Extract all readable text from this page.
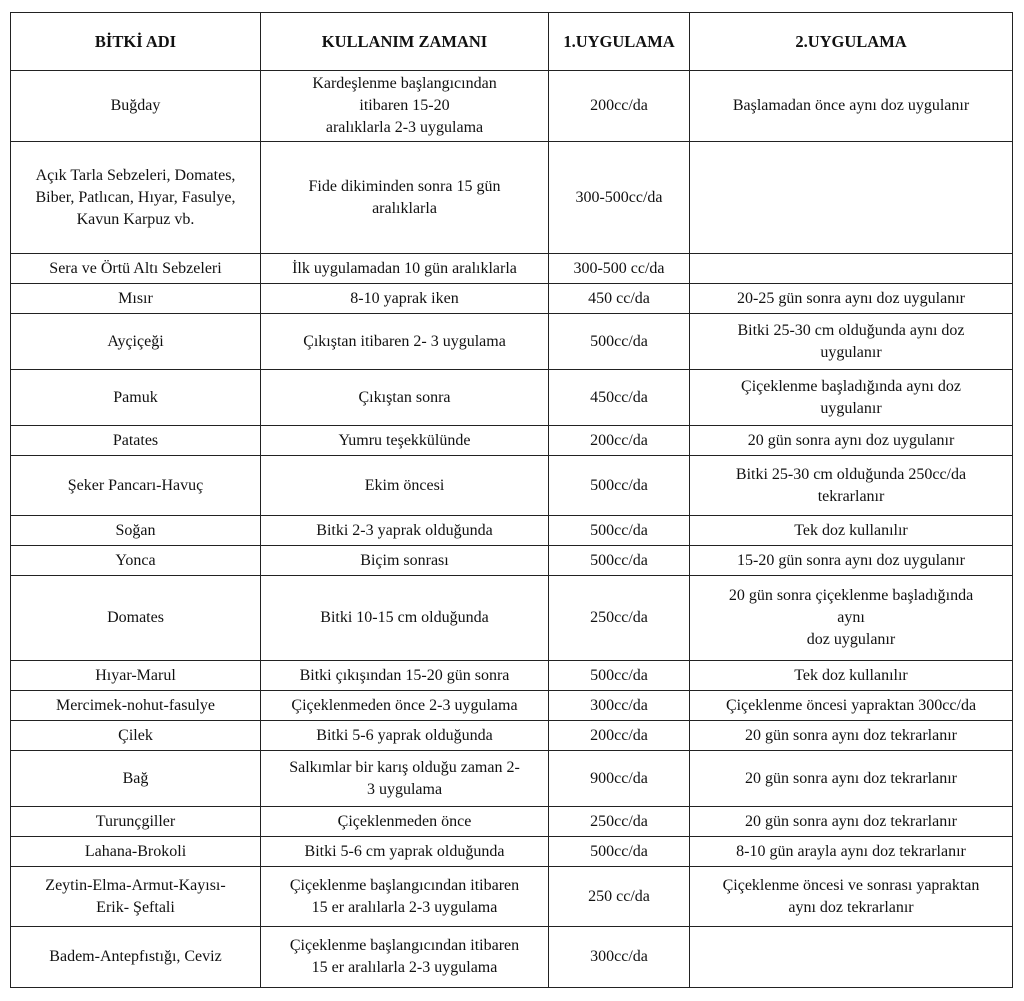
BİTKİ ADI	KULLANIM ZAMANI	1.UYGULAMA	2.UYGULAMA
Buğday	Kardeşlenme başlangıcından
itibaren 15-20
aralıklarla 2-3 uygulama	200cc/da	Başlamadan önce aynı doz uygulanır
Açık Tarla Sebzeleri, Domates,
Biber, Patlıcan, Hıyar, Fasulye,
Kavun Karpuz vb.	Fide dikiminden sonra 15 gün
aralıklarla	300-500cc/da	
Sera ve Örtü Altı Sebzeleri	İlk uygulamadan 10 gün aralıklarla	300-500 cc/da	
Mısır	8-10 yaprak iken	450 cc/da	20-25 gün sonra aynı doz uygulanır
Ayçiçeği	Çıkıştan itibaren 2- 3 uygulama	500cc/da	Bitki 25-30 cm olduğunda aynı doz
uygulanır
Pamuk	Çıkıştan sonra	450cc/da	Çiçeklenme başladığında aynı doz
uygulanır
Patates	Yumru teşekkülünde	200cc/da	20 gün sonra aynı doz uygulanır
Şeker Pancarı-Havuç	Ekim öncesi	500cc/da	Bitki 25-30 cm olduğunda 250cc/da
tekrarlanır
Soğan	Bitki 2-3 yaprak olduğunda	500cc/da	Tek doz kullanılır
Yonca	Biçim sonrası	500cc/da	15-20 gün sonra aynı doz uygulanır
Domates	Bitki 10-15 cm olduğunda	250cc/da	20 gün sonra çiçeklenme başladığında
aynı
doz uygulanır
Hıyar-Marul	Bitki çıkışından 15-20 gün sonra	500cc/da	Tek doz kullanılır
Mercimek-nohut-fasulye	Çiçeklenmeden önce 2-3 uygulama	300cc/da	Çiçeklenme öncesi yapraktan 300cc/da
Çilek	Bitki 5-6 yaprak olduğunda	200cc/da	20 gün sonra aynı doz tekrarlanır
Bağ	Salkımlar bir karış olduğu zaman 2-
3 uygulama	900cc/da	20 gün sonra aynı doz tekrarlanır
Turunçgiller	Çiçeklenmeden önce	250cc/da	20 gün sonra aynı doz tekrarlanır
Lahana-Brokoli	Bitki 5-6 cm yaprak olduğunda	500cc/da	8-10 gün arayla aynı doz tekrarlanır
Zeytin-Elma-Armut-Kayısı-
Erik- Şeftali	Çiçeklenme başlangıcından itibaren
15 er aralılarla 2-3 uygulama	250 cc/da	Çiçeklenme öncesi ve sonrası yapraktan
aynı doz tekrarlanır
Badem-Antepfıstığı, Ceviz	Çiçeklenme başlangıcından itibaren
15 er aralılarla 2-3 uygulama	300cc/da	
